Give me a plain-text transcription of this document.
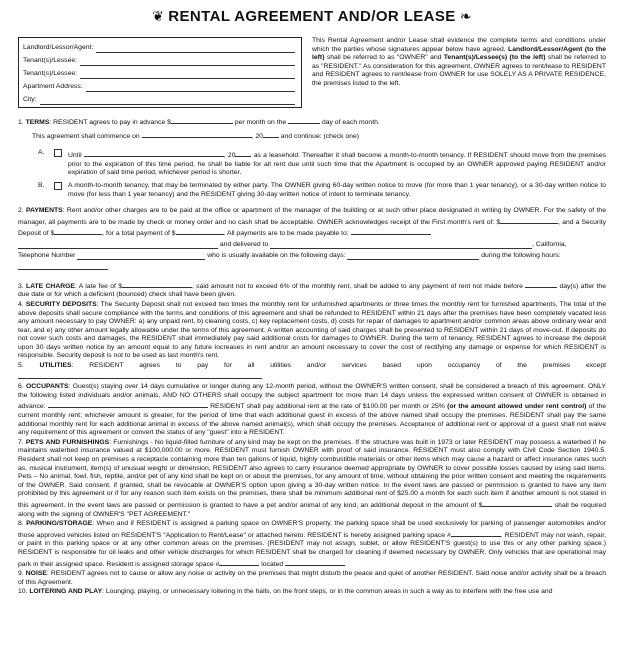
❦ RENTAL AGREEMENT AND/OR LEASE ❧
Landlord/Lessor/Agent:
Tenant(s)/Lessee:
Tenant(s)/Lessee:
Apartment Address:
City:
This Rental Agreement and/or Lease shall evidence the complete terms and conditions under which the parties whose signatures appear below have agreed. Landlord/Lessor/Agent (to the left) shall be referred to as "OWNER" and Tenant(s)/Lessee(s) (to the left) shall be referred to as "RESIDENT." As consideration for this agreement, OWNER agrees to rent/lease to RESIDENT and RESIDENT agrees to rent/lease from OWNER for use SOLELY AS A PRIVATE RESIDENCE, the premises listed to the left.
1. TERMS: RESIDENT agrees to pay in advance $	per month on the	day of each month.
This agreement shall commence on	, 20 and continue: (check one)
A.	Until	, 20 as a leasehold. Thereafter it shall become a month-to-month tenancy. If RESIDENT should move from the premises prior to the expiration of this time period, he shall be liable for all rent due until such time that the Apartment is occupied by an OWNER approved paying RESIDENT and/or expiration of said time period, whichever period is shorter.
B.	A month-to-month tenancy, that may be terminated by either party. The OWNER giving 60-day written notice to move (for more than 1 year tenancy), or a 30-day written notice to move (for less than 1 year tenancy) and the RESIDENT giving 30-day written notice of intent to terminate tenancy.
2. PAYMENTS: Rent and/or other charges are to be paid at the office or apartment of the manager of the building or at such other place designated in writing by OWNER. For the safety of the manager, all payments are to be made by check or money order and no cash shall be acceptable. OWNER acknowledges receipt of the First month's rent of: $	, and a Security Deposit of $	, for a total payment of $	. All payments are to be made payable to:
and delivered to	, California,
Telephone Number	who is usually available on the following days:	during the following hours:
3. LATE CHARGE: A late fee of $	, said amount not to exceed 6% of the monthly rent, shall be added to any payment of rent not made before	day(s) after the due date or for which a deficient (bounced) check shall have been given.
4. SECURITY DEPOSITS: The Security Deposit shall not exceed two times the monthly rent for unfurnished apartments or three times the monthly rent for furnished apartments. The total of the above deposits shall secure compliance with the terms and conditions of this agreement and shall be refunded to RESIDENT within 21 days after the premises have been completely vacated less any amount necessary to pay OWNER: a) any unpaid rent, b) cleaning costs, c) key replacement costs, d) costs for repair of damages to apartment and/or common areas above ordinary wear and tear, and e) any other amount legally allowable under the terms of this agreement. A written accounting of said charges shall be presented to RESIDENT within 21 days of move-out. If deposits do not cover such costs and damages, the RESIDENT shall immediately pay said additional costs for damages to OWNER. During the term of tenancy, RESIDENT agrees to increase the deposit upon 30 days written notice by an amount equal to any future increases in rent and/or an amount necessary to cover the cost of rectifying any damage or expense for which RESIDENT is responsible. Security deposit is not to be used as last month's rent.
5. UTILITIES: RESIDENT agrees to pay for all utilities and/or services based upon occupancy of the premises except
6. OCCUPANTS: Guest(s) staying over 14 days cumulative or longer during any 12-month period, without the OWNER'S written consent, shall be considered a breach of this agreement. ONLY the following listed individuals and/or animals, AND NO OTHERS shall occupy the subject apartment for more than 14 days unless the expressed written consent of OWNER is obtained in advance:	RESIDENT shall pay additional rent at the rate of $100.00 per month or 25% (or the amount allowed under rent control) of the current monthly rent; whichever amount is greater, for the period of time that each additional guest in excess of the above named shall occupy the premises. RESIDENT shall pay the same additional monthly rent for each additional animal in excess of the above named animal(s), which shall occupy the premises. Acceptance of additional rent or approval of a guest shall not waive any requirement of this agreement or convert the status of any "guest" into a RESIDENT.
7. PETS AND FURNISHINGS: Furnishings - No liquid-filled furniture of any kind may be kept on the premises. If the structure was built in 1973 or later RESIDENT may possess a waterbed if he maintains waterbed insurance valued at $100,000.00 or more. RESIDENT must furnish OWNER with proof of said insurance. RESIDENT must also comply with Civil Code Section 1940.5. Resident shall not keep on premises a receptacle containing more than ten gallons of liquid, highly combustible materials or other items which may cause a hazard or affect insurance rates such as, musical instrument, item(s) of unusual weight or dimension, RESIDENT also agrees to carry insurance deemed appropriate by OWNER to cover possible losses caused by using said items. Pets – No animal, fowl, fish, reptile, and/or pet of any kind shall be kept on or about the premises, for any amount of time, without obtaining the prior written consent and meeting the requirements of the OWNER. Said consent, if granted, shall be revocable at OWNER'S option upon giving a 30-day written notice. In the event laws are passed or permission is granted to have any item prohibited by this agreement or if for any reason such item exists on the premises, there shall be minimum additional rent of $25.00 a month for each such item if another amount is not stated in this agreement. In the event laws are passed or permission is granted to have a pet and/or animal of any kind, an additional deposit in the amount of $	shall be required along with the signing of OWNER'S "PET AGREEMENT."
8. PARKING/STORAGE: When and if RESIDENT is assigned a parking space on OWNER'S property, the parking space shall be used exclusively for parking of passenger automobiles and/or those approved vehicles listed on RESIDENT'S "Application to Rent/Lease" or attached hereto. RESIDENT is hereby assigned parking space #	. RESIDENT may not wash, repair, or paint in this parking space or at any other common areas on the premises. (RESIDENT may not assign, sublet, or allow RESIDENT'S guest(s) to use this or any other parking space.) RESIDENT is responsible for oil leaks and other vehicle discharges for which RESIDENT shall be charged for cleaning if deemed necessary by OWNER. Only vehicles that are operational may park in their assigned space. Resident is assigned storage space #	located
9. NOISE: RESIDENT agrees not to cause or allow any noise or activity on the premises that might disturb the peace and quiet of another RESIDENT. Said noise and/or activity shall be a breach of this Agreement.
10. LOITERING AND PLAY: Lounging, playing, or unnecessary loitering in the halls, on the front steps, or in the common areas in such a way as to interfere with the free use and
